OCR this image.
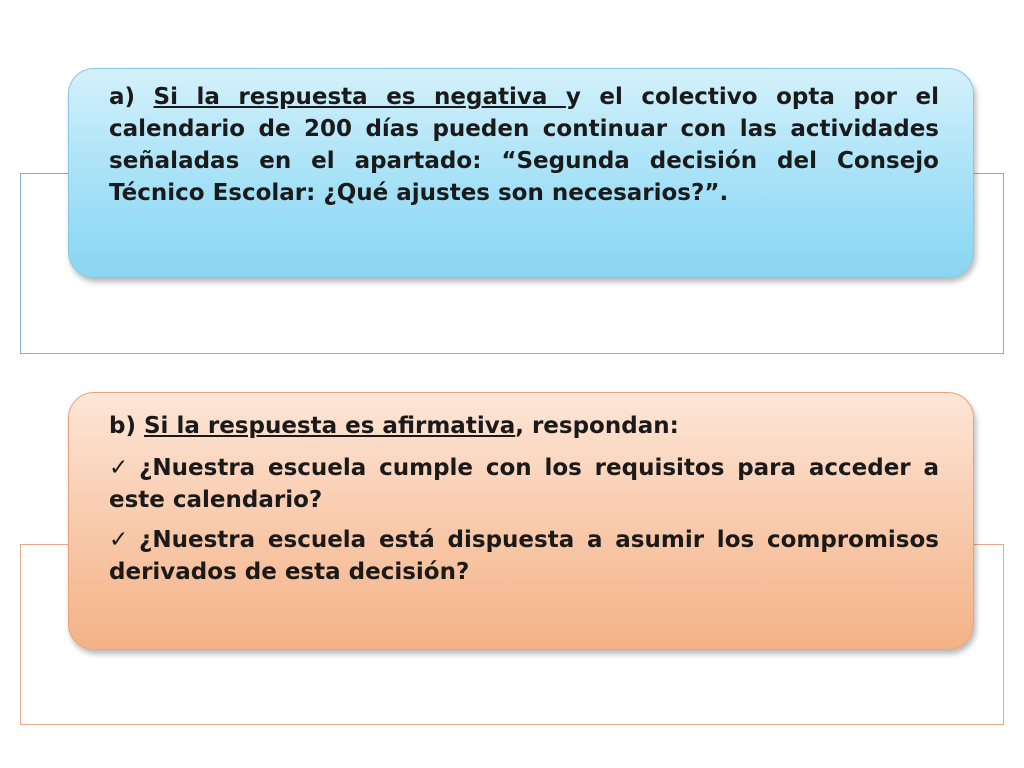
a) Si la respuesta es negativa y el colectivo opta por el calendario de 200 días pueden continuar con las actividades señaladas en el apartado: “Segunda decisión del Consejo Técnico Escolar: ¿Qué ajustes son necesarios?”.

b) Si la respuesta es afirmativa, respondan:

✓ ¿Nuestra escuela cumple con los requisitos para acceder a este calendario?

✓ ¿Nuestra escuela está dispuesta a asumir los compromisos derivados de esta decisión?
